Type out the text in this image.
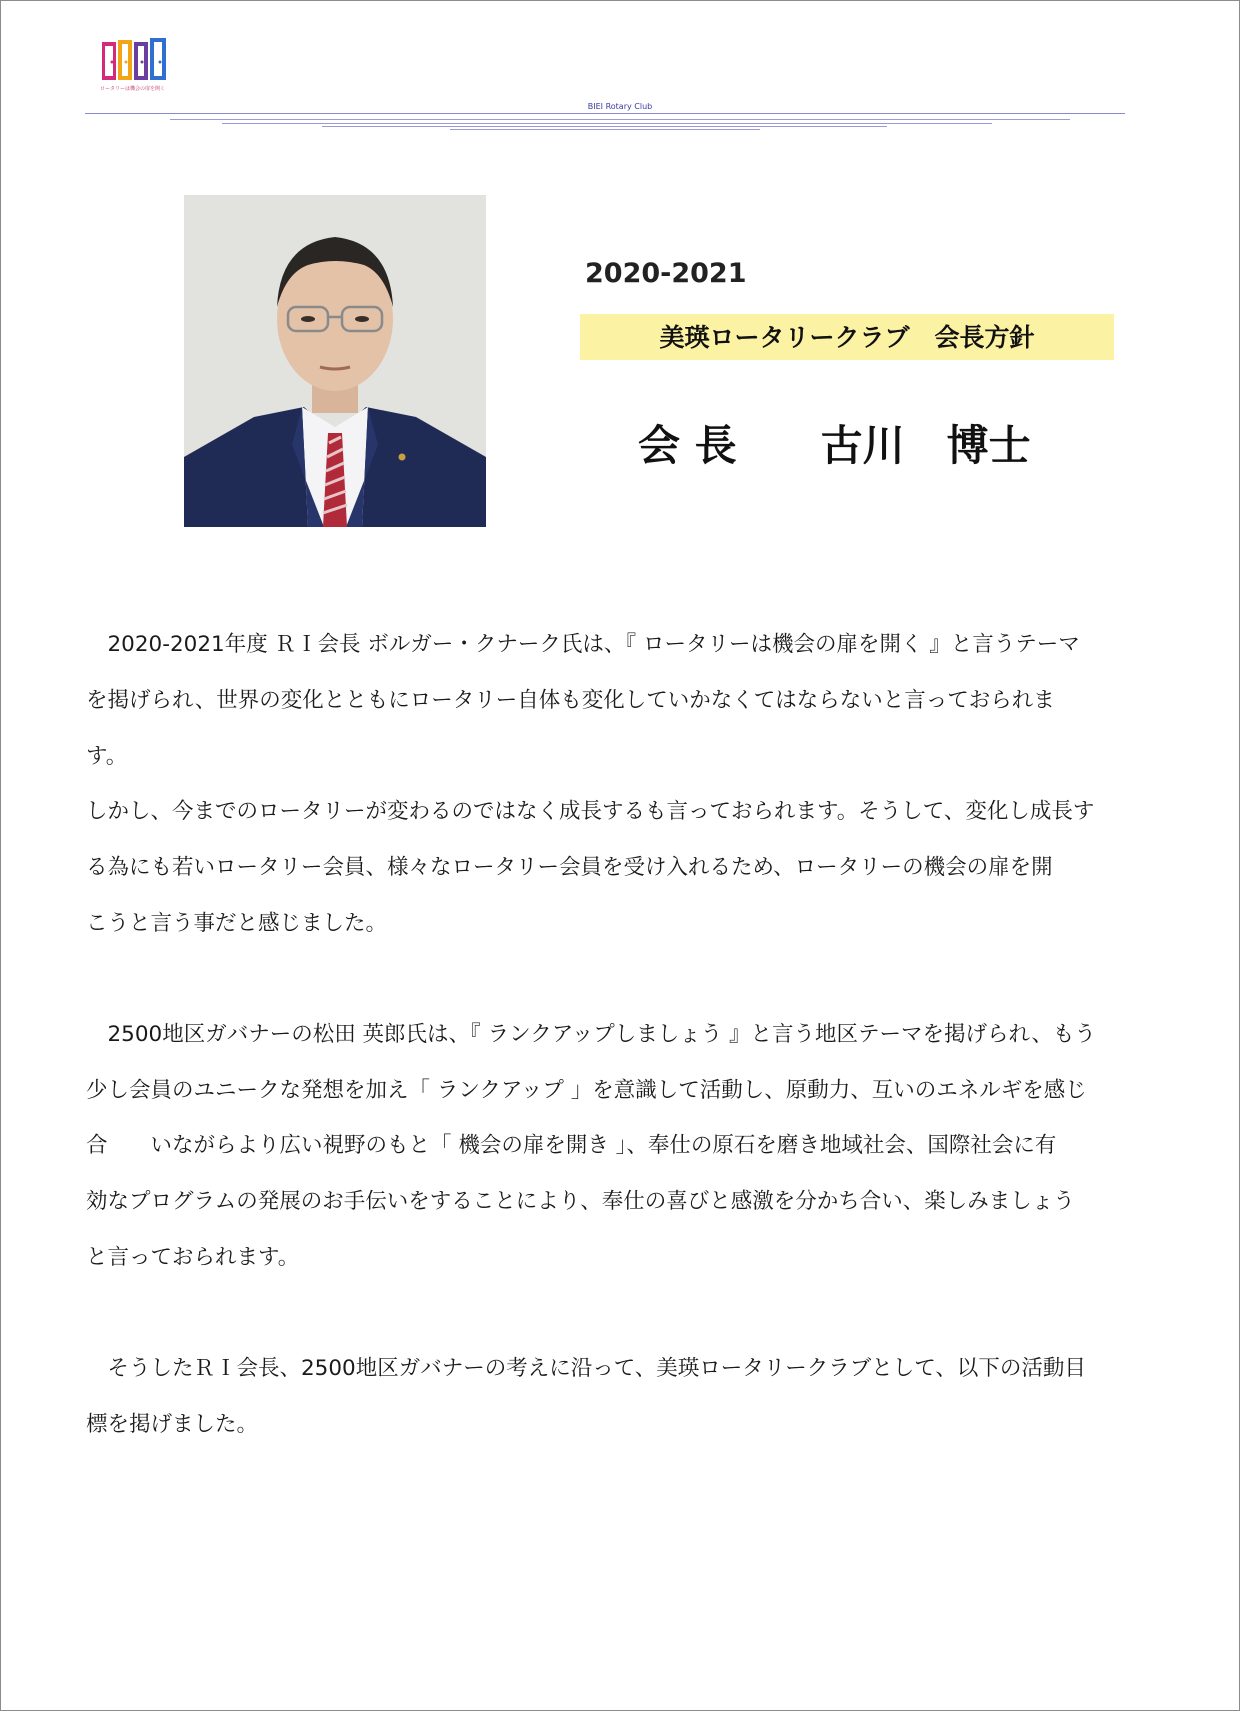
ロータリーは機会の扉を開く
BIEI Rotary Club
2020-2021
美瑛ロータリークラブ　会長方針
会 長　　古川　博士
　2020-2021年度 ＲＩ会長 ボルガー・クナーク氏は、『 ロータリーは機会の扉を開く 』と言うテーマ
を掲げられ、世界の変化とともにロータリー自体も変化していかなくてはならないと言っておられま
す。
しかし、今までのロータリーが変わるのではなく成長するも言っておられます。そうして、変化し成長す
る為にも若いロータリー会員、様々なロータリー会員を受け入れるため、ロータリーの機会の扉を開
こうと言う事だと感じました。
　2500地区ガバナーの松田 英郎氏は、『 ランクアップしましょう 』と言う地区テーマを掲げられ、もう
少し会員のユニークな発想を加え「 ランクアップ 」を意識して活動し、原動力、互いのエネルギを感じ
合　　いながらより広い視野のもと「 機会の扉を開き 」、奉仕の原石を磨き地域社会、国際社会に有
効なプログラムの発展のお手伝いをすることにより、奉仕の喜びと感激を分かち合い、楽しみましょう
と言っておられます。
　そうしたＲＩ会長、2500地区ガバナーの考えに沿って、美瑛ロータリークラブとして、以下の活動目
標を掲げました。
